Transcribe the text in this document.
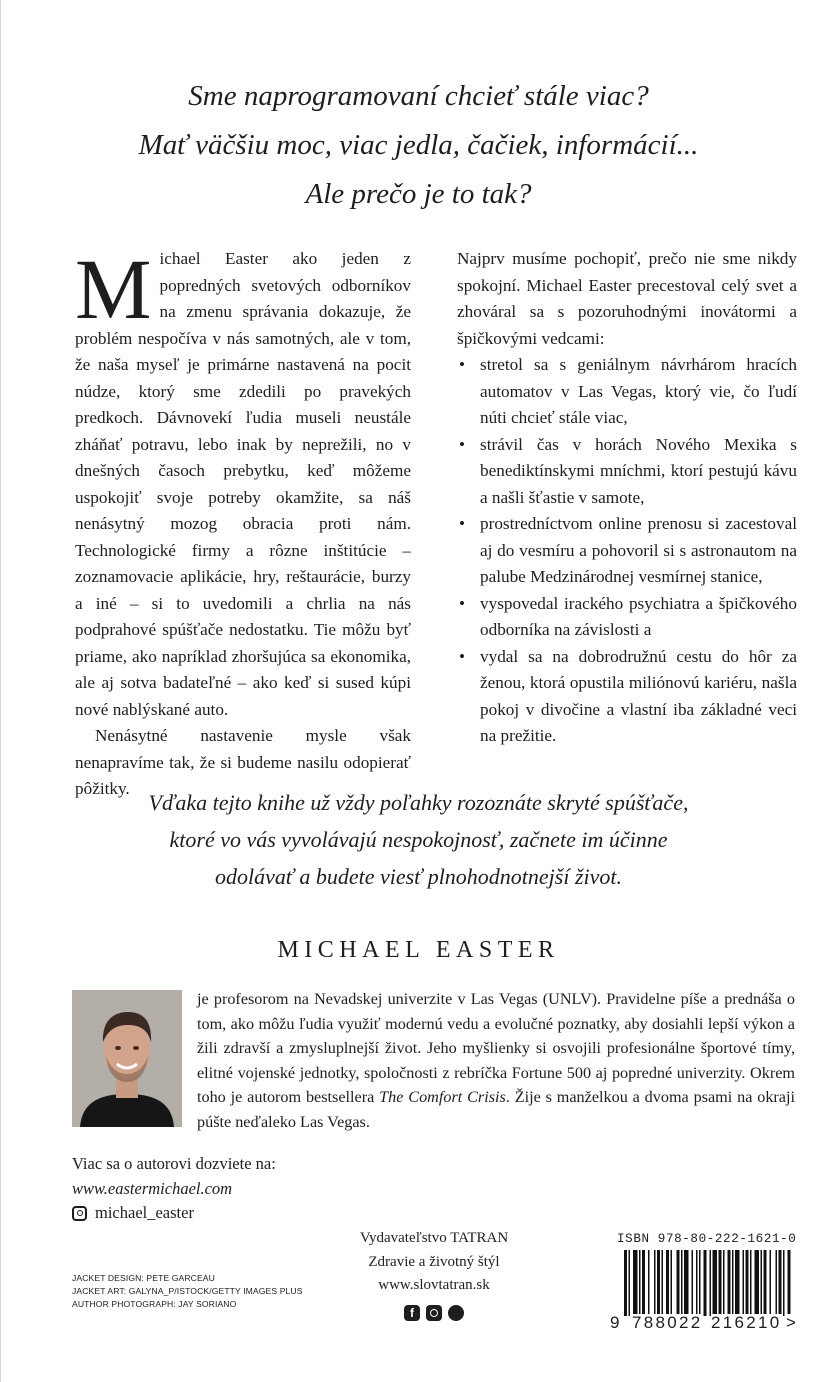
Sme naprogramovaní chcieť stále viac?
Mať väčšiu moc, viac jedla, čačiek, informácií...
Ale prečo je to tak?

Michael Easter ako jeden z popredných svetových odborníkov na zmenu správania dokazuje, že problém nespočíva v nás samotných, ale v tom, že naša myseľ je primárne nastavená na pocit núdze, ktorý sme zdedili po pravekých predkoch. Dávnovekí ľudia museli neustále zháňať potravu, lebo inak by neprežili, no v dnešných časoch prebytku, keď môžeme uspokojiť svoje potreby okamžite, sa náš nenásytný mozog obracia proti nám. Technologické firmy a rôzne inštitúcie – zoznamovacie aplikácie, hry, reštaurácie, burzy a iné – si to uvedomili a chrlia na nás podprahové spúšťače nedostatku. Tie môžu byť priame, ako napríklad zhoršujúca sa ekonomika, ale aj sotva badateľné – ako keď si sused kúpi nové nablýskané auto.

Nenásytné nastavenie mysle však nenapravíme tak, že si budeme nasilu odopierať pôžitky.

Najprv musíme pochopiť, prečo nie sme nikdy spokojní. Michael Easter precestoval celý svet a zhováral sa s pozoruhodnými inovátormi a špičkovými vedcami:

• stretol sa s geniálnym návrhárom hracích automatov v Las Vegas, ktorý vie, čo ľudí núti chcieť stále viac,
• strávil čas v horách Nového Mexika s benediktínskymi mníchmi, ktorí pestujú kávu a našli šťastie v samote,
• prostredníctvom online prenosu si zacestoval aj do vesmíru a pohovoril si s astronautom na palube Medzinárodnej vesmírnej stanice,
• vyspovedal irackého psychiatra a špičkového odborníka na závislosti a
• vydal sa na dobrodružnú cestu do hôr za ženou, ktorá opustila miliónovú kariéru, našla pokoj v divočine a vlastní iba základné veci na prežitie.
Vďaka tejto knihe už vždy poľahky rozoznáte skryté spúšťače,
ktoré vo vás vyvolávajú nespokojnosť, začnete im účinne
odolávať a budete viesť plnohodnotnejší život.
MICHAEL EASTER
je profesorom na Nevadskej univerzite v Las Vegas (UNLV). Pravidelne píše a prednáša o tom, ako môžu ľudia využiť modernú vedu a evolučné poznatky, aby dosiahli lepší výkon a žili zdravší a zmysluplnejší život. Jeho myšlienky si osvojili profesionálne športové tímy, elitné vojenské jednotky, spoločnosti z rebríčka Fortune 500 aj popredné univerzity. Okrem toho je autorom bestsellera The Comfort Crisis. Žije s manželkou a dvoma psami na okraji púšte neďaleko Las Vegas.
Viac sa o autorovi dozviete na:
www.eastermichael.com
michael_easter
JACKET DESIGN: PETE GARCEAU
JACKET ART: GALYNA_P/ISTOCK/GETTY IMAGES PLUS
AUTHOR PHOTOGRAPH: JAY SORIANO
Vydavateľstvo TATRAN
Zdravie a životný štýl
www.slovtatran.sk
f
ISBN 978-80-222-1621-0
9 788022 216210 >
